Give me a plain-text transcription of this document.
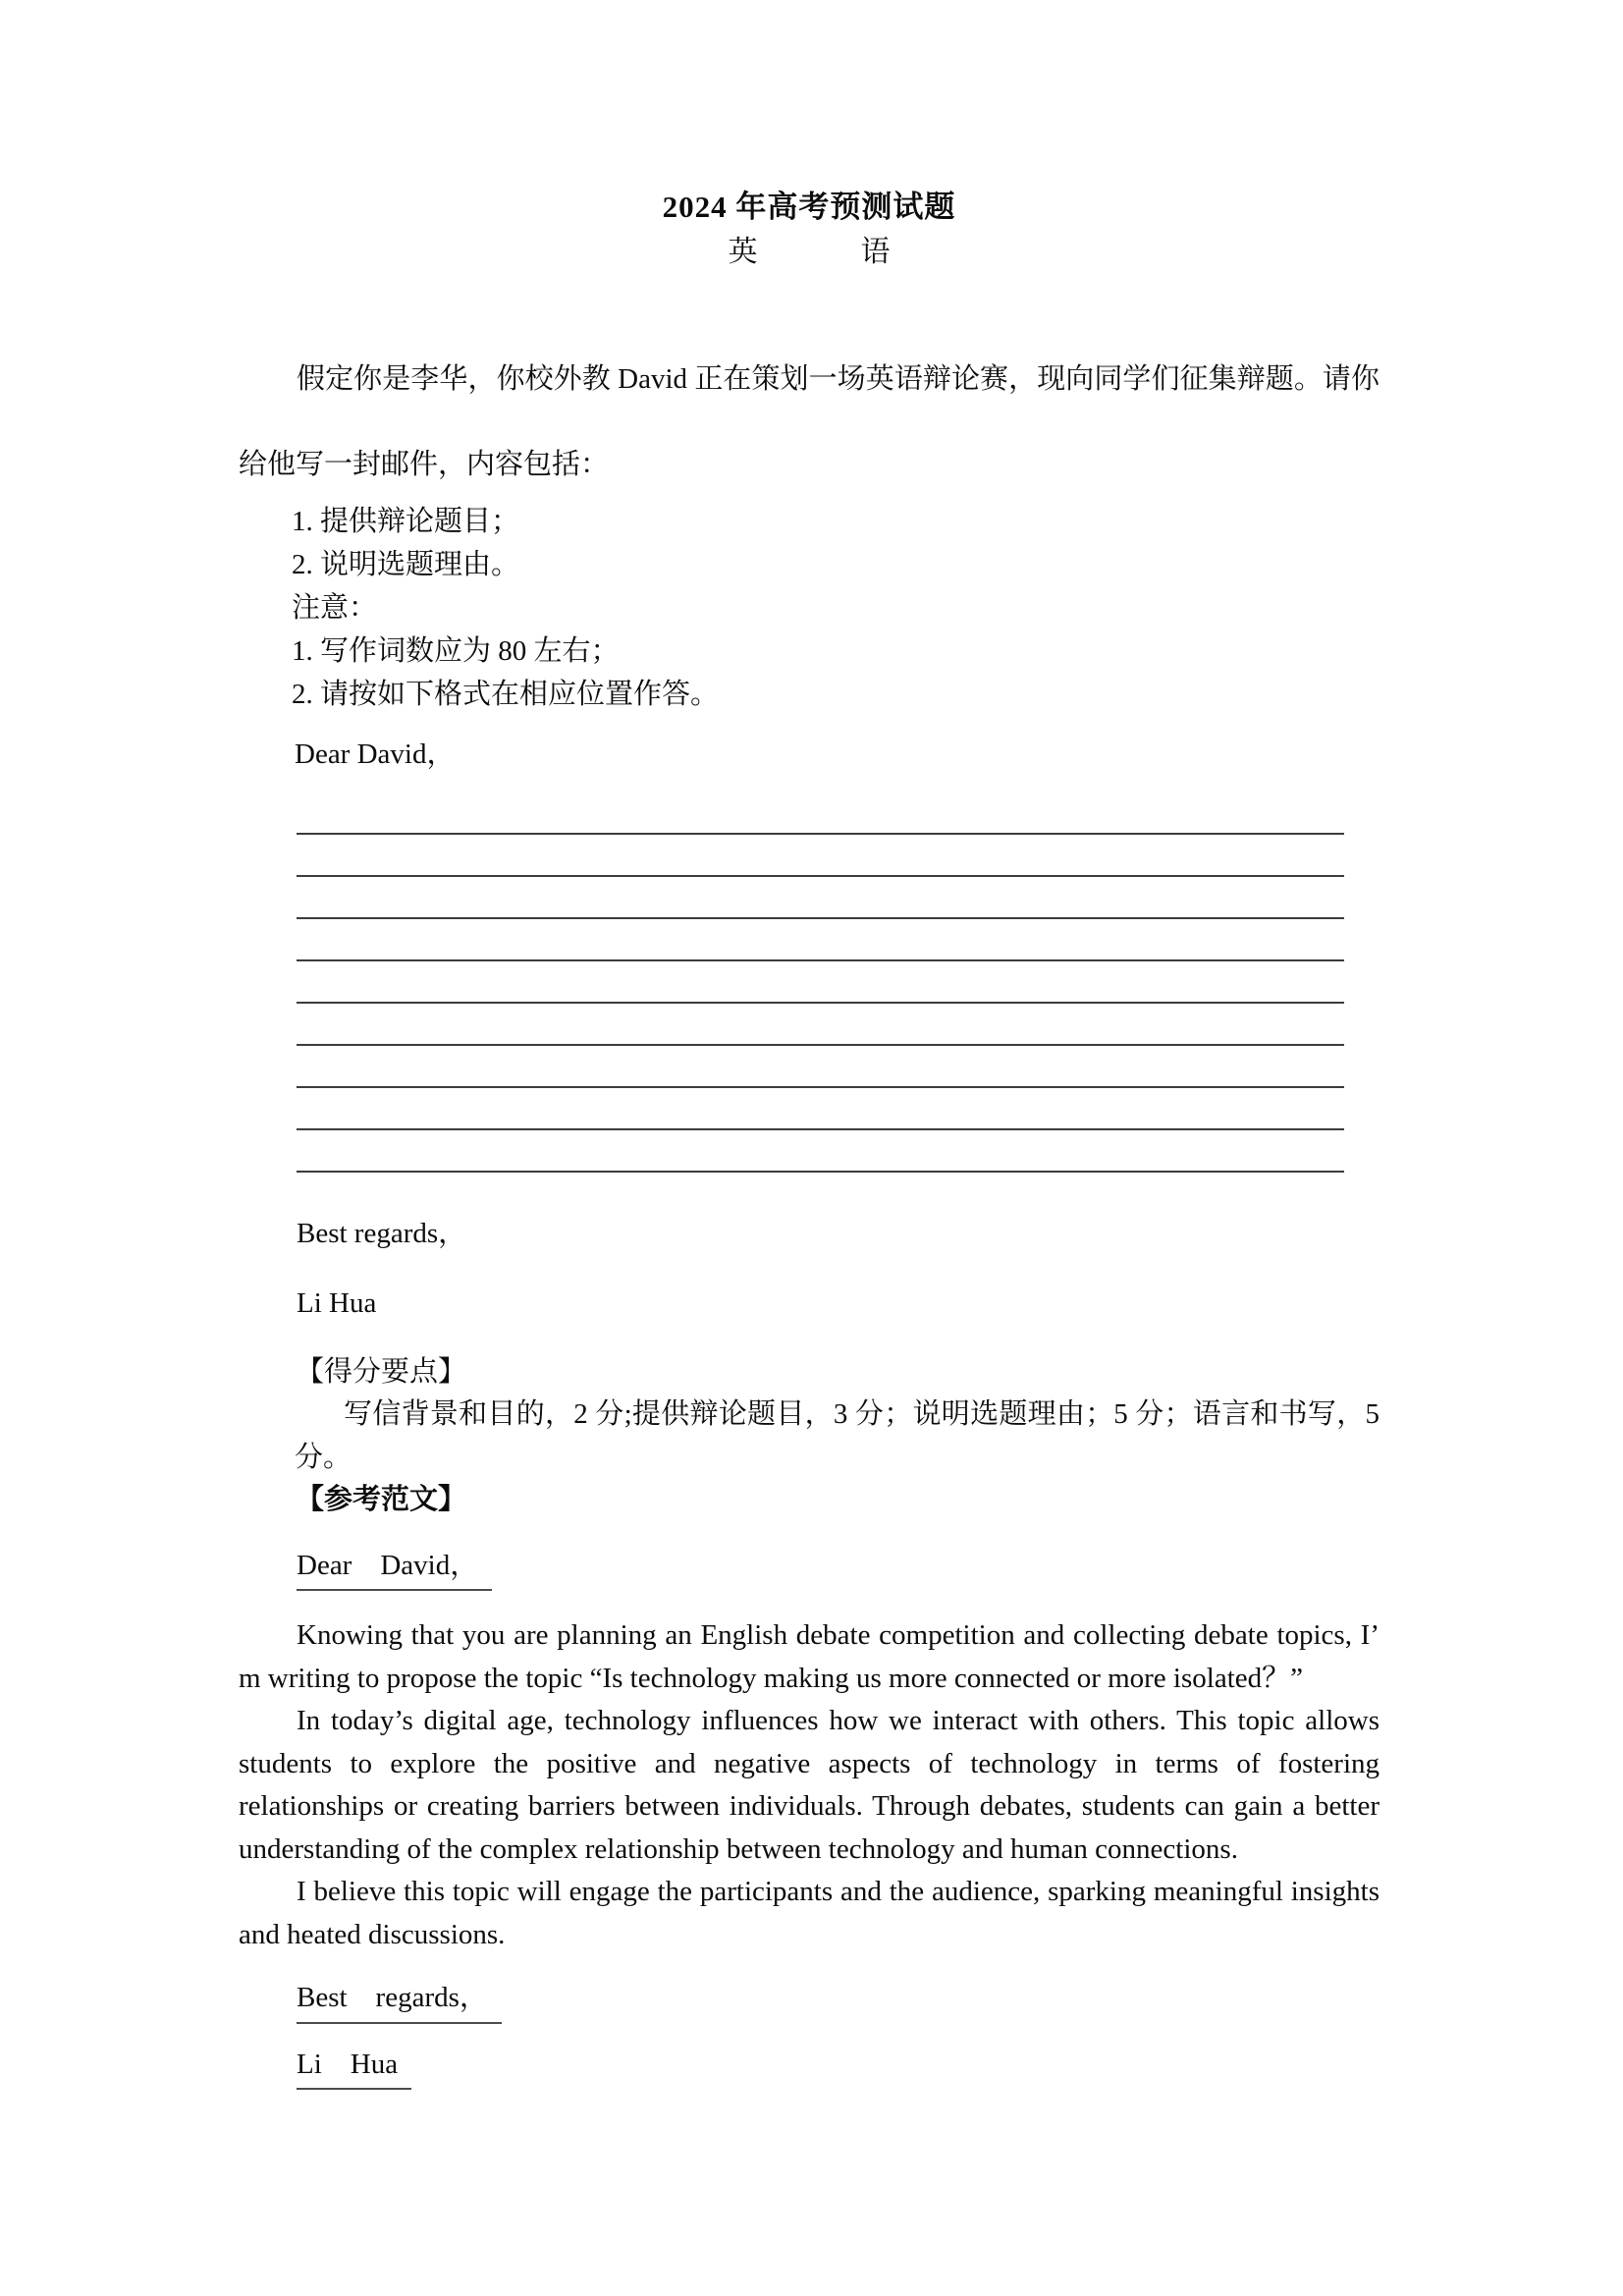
2024 年高考预测试题
英	语
假定你是李华，你校外教 David 正在策划一场英语辩论赛，现向同学们征集辩题。请你
给他写一封邮件，内容包括：
1. 提供辩论题目；
2. 说明选题理由。
注意：
1. 写作词数应为 80 左右；
2. 请按如下格式在相应位置作答。
Dear David，
Best regards，
Li Hua
【得分要点】
写信背景和目的，2 分;提供辩论题目，3 分；说明选题理由；5 分；语言和书写，5
分。
【参考范文】
Dear    David，
Knowing that you are planning an English debate competition and collecting debate topics, I’
m writing to propose the topic “Is technology making us more connected or more isolated？”
In today’s digital age, technology influences how we interact with others. This topic allows
students to explore the positive and negative aspects of technology in terms of fostering
relationships or creating barriers between individuals. Through debates, students can gain a better
understanding of the complex relationship between technology and human connections.
I believe this topic will engage the participants and the audience, sparking meaningful insights
and heated discussions.
Best    regards，
Li    Hua
